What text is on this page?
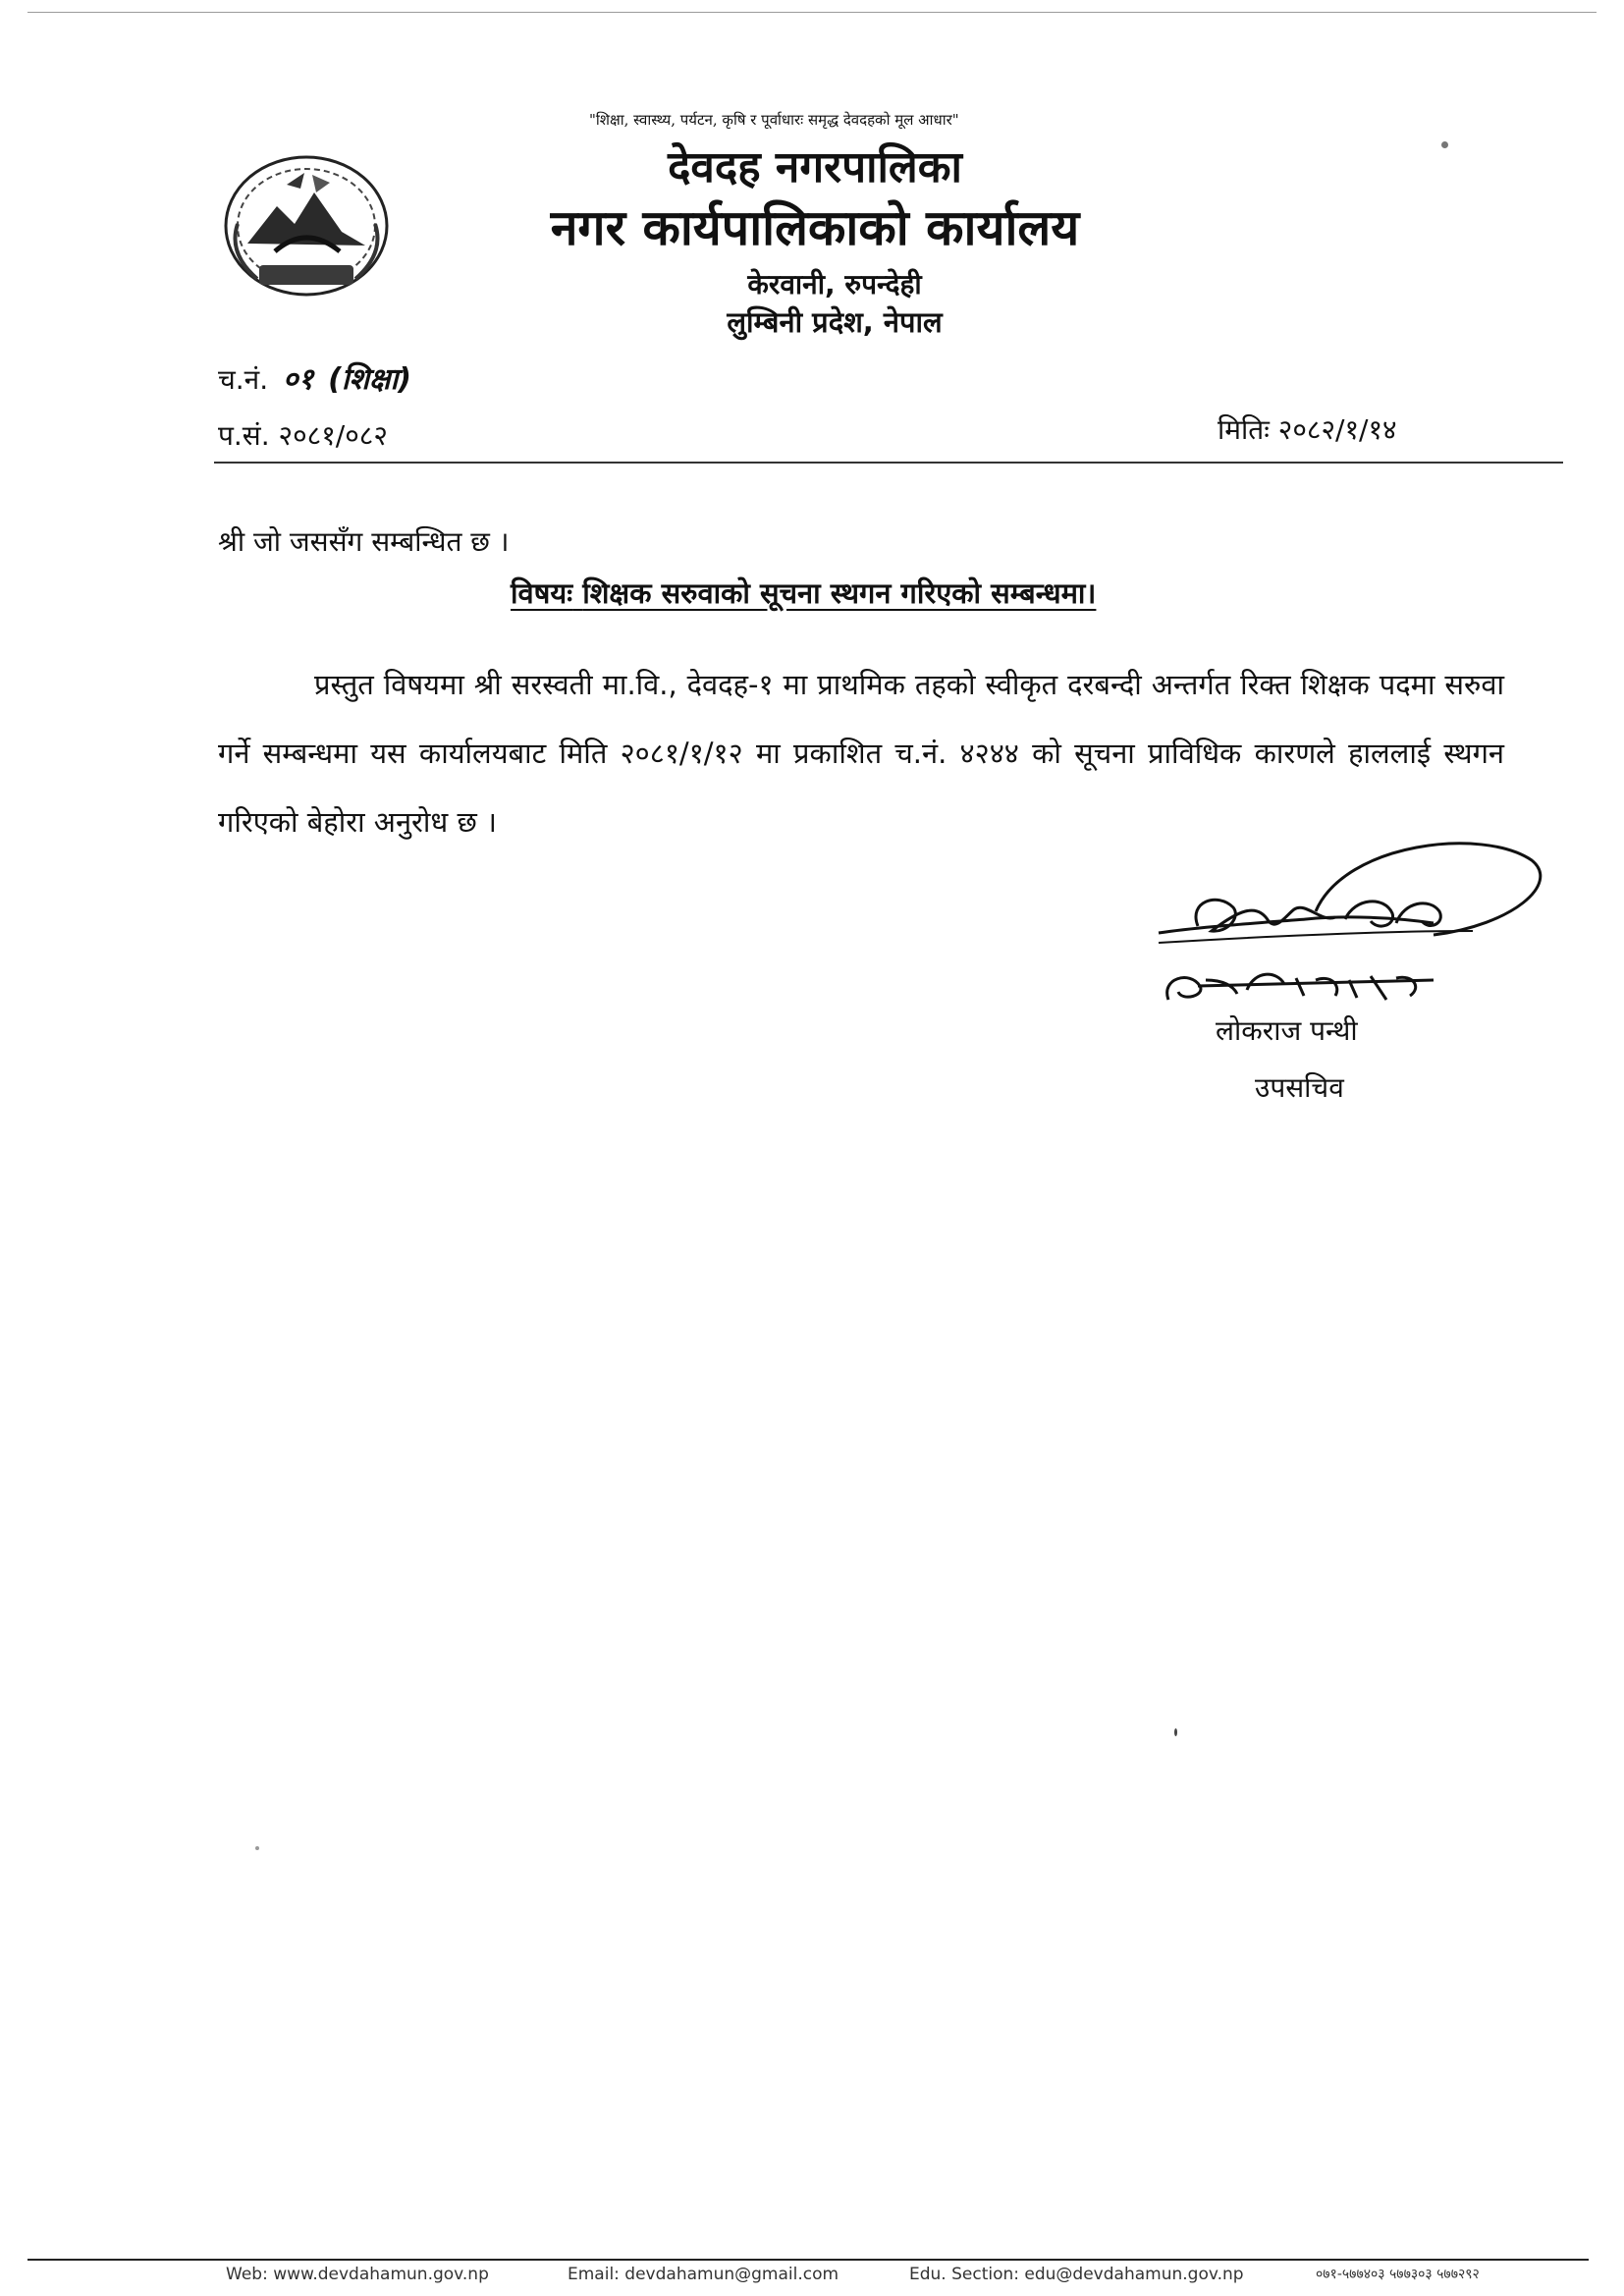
"शिक्षा, स्वास्थ्य, पर्यटन, कृषि र पूर्वाधारः समृद्ध देवदहको मूल आधार"
देवदह नगरपालिका
नगर कार्यपालिकाको कार्यालय
केरवानी, रुपन्देही
लुम्बिनी प्रदेश, नेपाल
च.नं. ०१ (शिक्षा)
प.सं. २०८१/०८२	मितिः २०८२/१/१४
श्री जो जससँग सम्बन्धित छ ।
विषयः शिक्षक सरुवाको सूचना स्थगन गरिएको सम्बन्धमा।
प्रस्तुत विषयमा श्री सरस्वती मा.वि., देवदह-१ मा प्राथमिक तहको स्वीकृत दरबन्दी अन्तर्गत रिक्त शिक्षक पदमा सरुवा गर्ने सम्बन्धमा यस कार्यालयबाट मिति २०८१/१/१२ मा प्रकाशित च.नं. ४२४४ को सूचना प्राविधिक कारणले हाललाई स्थगन गरिएको बेहोरा अनुरोध छ ।
लोकराज पन्थी
उपसचिव
Web: www.devdahamun.gov.np	Email: devdahamun@gmail.com	Edu. Section: edu@devdahamun.gov.np	०७१-५७७४०३ ५७७३०३ ५७७२९२
